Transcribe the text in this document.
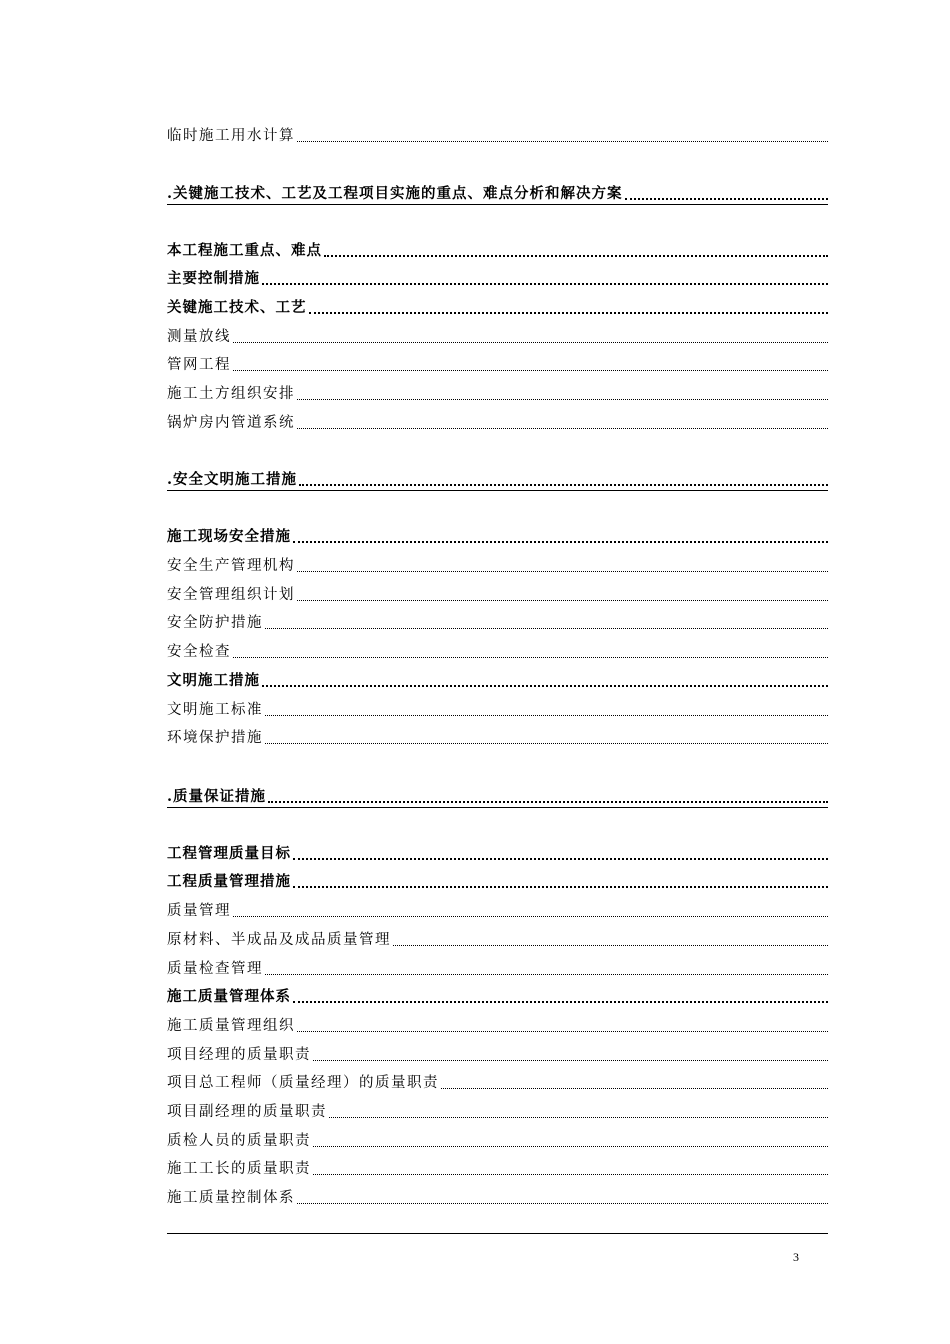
临时施工用水计算
.关键施工技术、工艺及工程项目实施的重点、难点分析和解决方案
本工程施工重点、难点
主要控制措施
关键施工技术、工艺
测量放线
管网工程
施工土方组织安排
锅炉房内管道系统
.安全文明施工措施
施工现场安全措施
安全生产管理机构
安全管理组织计划
安全防护措施
安全检查
文明施工措施
文明施工标准
环境保护措施
.质量保证措施
工程管理质量目标
工程质量管理措施
质量管理
原材料、半成品及成品质量管理
质量检查管理
施工质量管理体系
施工质量管理组织
项目经理的质量职责
项目总工程师（质量经理）的质量职责
项目副经理的质量职责
质检人员的质量职责
施工工长的质量职责
施工质量控制体系
3
